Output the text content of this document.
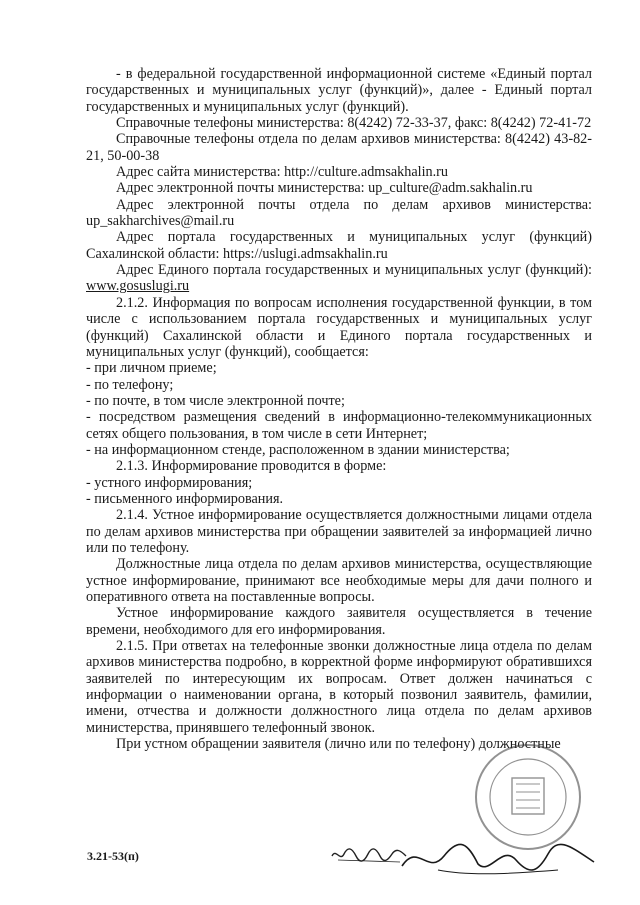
- в федеральной государственной информационной системе «Единый портал государственных и муниципальных услуг (функций)», далее - Единый портал государственных и муниципальных услуг (функций).

Справочные телефоны министерства: 8(4242) 72-33-37, факс: 8(4242) 72-41-72

Справочные телефоны отдела по делам архивов министерства: 8(4242) 43-82-21, 50-00-38

Адрес сайта министерства: http://culture.admsakhalin.ru

Адрес электронной почты министерства: up_culture@adm.sakhalin.ru

Адрес электронной почты отдела по делам архивов министерства: up_sakharchives@mail.ru

Адрес портала государственных и муниципальных услуг (функций) Сахалинской области: https://uslugi.admsakhalin.ru

Адрес Единого портала государственных и муниципальных услуг (функций): www.gosuslugi.ru

2.1.2. Информация по вопросам исполнения государственной функции, в том числе с использованием портала государственных и муниципальных услуг (функций) Сахалинской области и Единого портала государственных и муниципальных услуг (функций), сообщается:

- при личном приеме;

- по телефону;

- по почте, в том числе электронной почте;

- посредством размещения сведений в информационно-телекоммуникационных сетях общего пользования, в том числе в сети Интернет;

- на информационном стенде, расположенном в здании министерства;

2.1.3. Информирование проводится в форме:

- устного информирования;

- письменного информирования.

2.1.4. Устное информирование осуществляется должностными лицами отдела по делам архивов министерства при обращении заявителей за информацией лично или по телефону.

Должностные лица отдела по делам архивов министерства, осуществляющие устное информирование, принимают все необходимые меры для дачи полного и оперативного ответа на поставленные вопросы.

Устное информирование каждого заявителя осуществляется в течение времени, необходимого для его информирования.

2.1.5. При ответах на телефонные звонки должностные лица отдела по делам архивов министерства подробно, в корректной форме информируют обратившихся заявителей по интересующим их вопросам. Ответ должен начинаться с информации о наименовании органа, в который позвонил заявитель, фамилии, имени, отчества и должности должностного лица отдела по делам архивов министерства, принявшего телефонный звонок.

При устном обращении заявителя (лично или по телефону) должностные

3.21-53(п)
